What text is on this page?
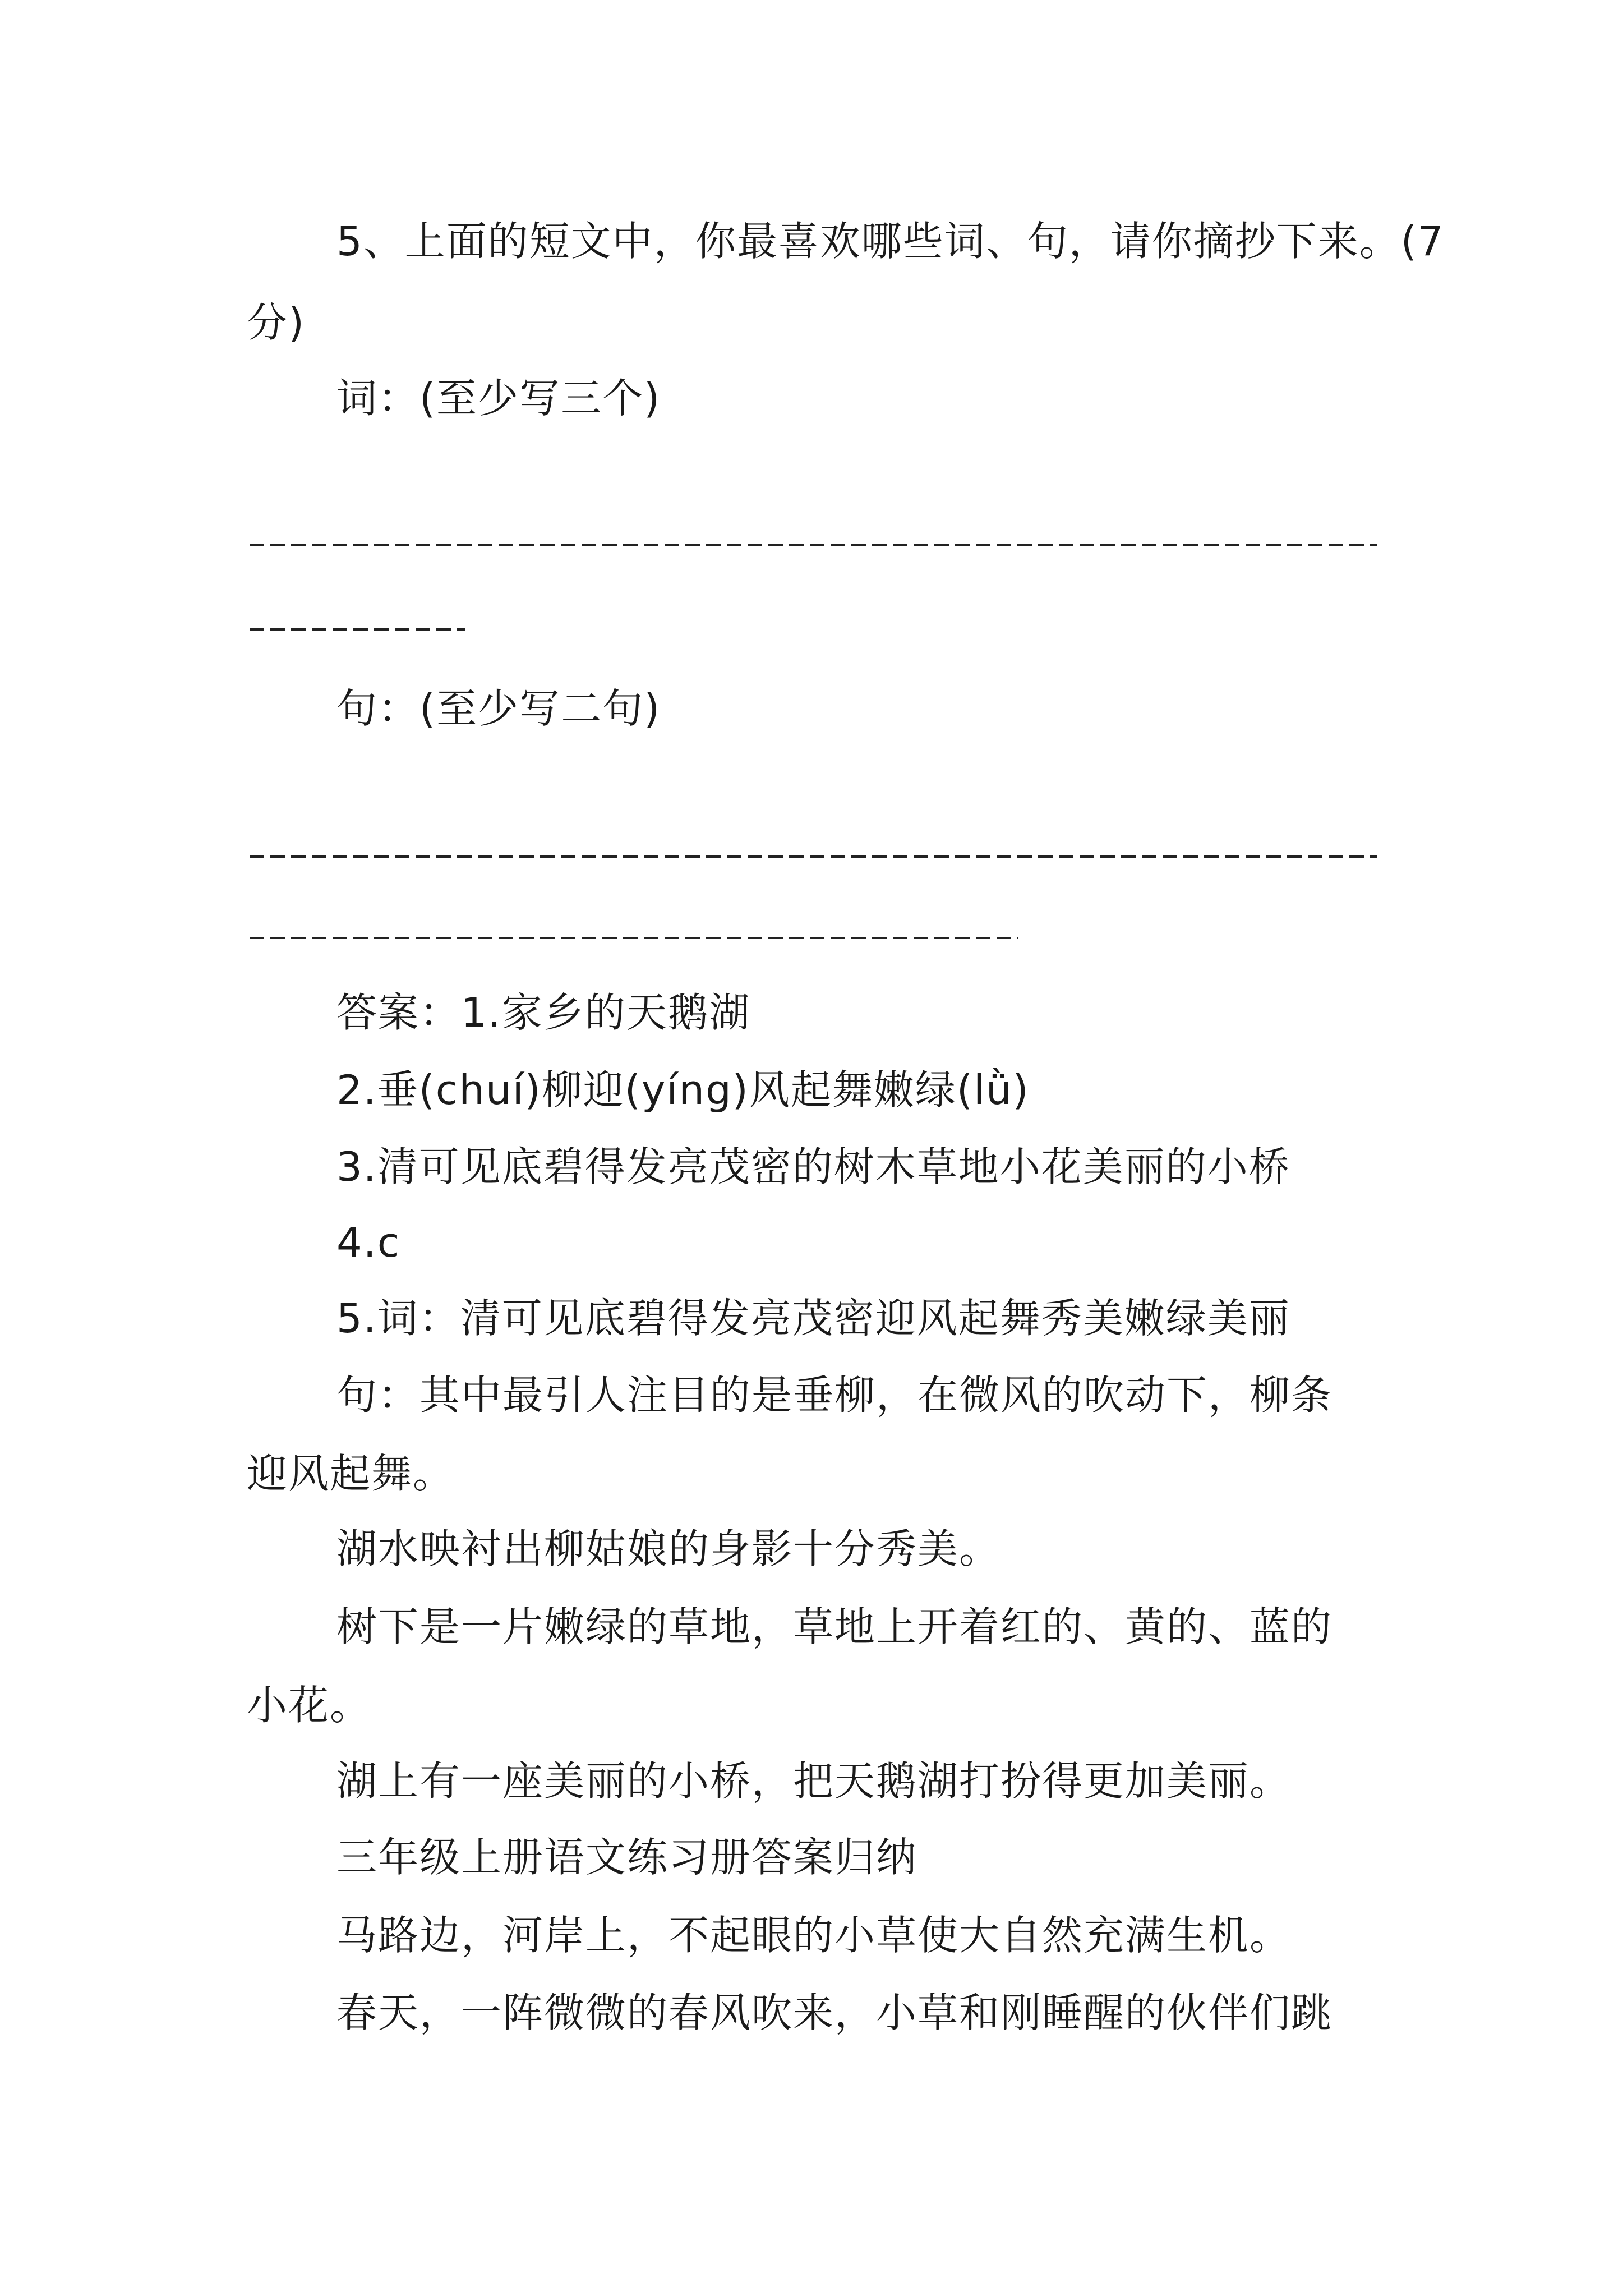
5、上面的短文中，你最喜欢哪些词、句，请你摘抄下来。(7
分)
词：(至少写三个)
句：(至少写二句)
答案：1.家乡的天鹅湖
2.垂(chuí)柳迎(yíng)风起舞嫩绿(lǜ)
3.清可见底碧得发亮茂密的树木草地小花美丽的小桥
4.c
5.词：清可见底碧得发亮茂密迎风起舞秀美嫩绿美丽
句：其中最引人注目的是垂柳，在微风的吹动下，柳条
迎风起舞。
湖水映衬出柳姑娘的身影十分秀美。
树下是一片嫩绿的草地，草地上开着红的、黄的、蓝的
小花。
湖上有一座美丽的小桥，把天鹅湖打扮得更加美丽。
三年级上册语文练习册答案归纳
马路边，河岸上，不起眼的小草使大自然充满生机。
春天，一阵微微的春风吹来，小草和刚睡醒的伙伴们跳
